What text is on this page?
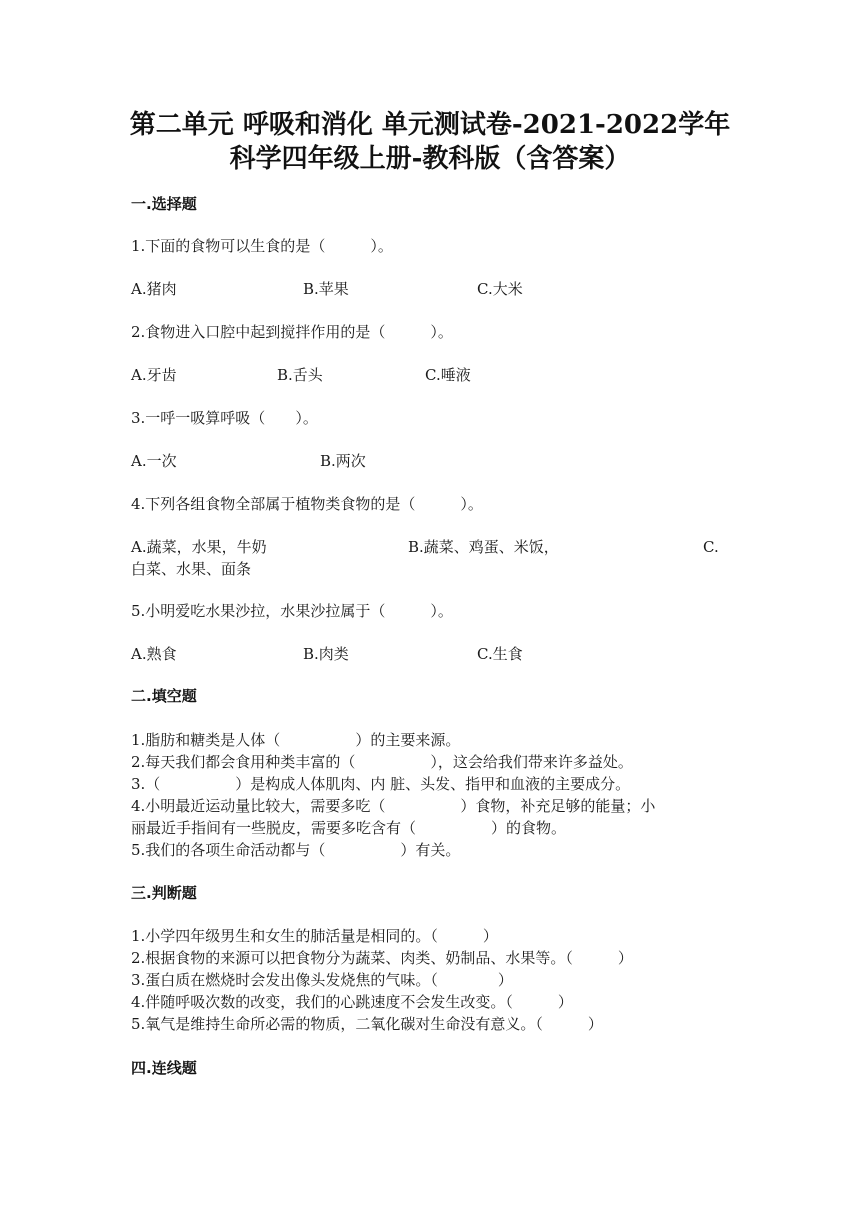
第二单元 呼吸和消化 单元测试卷-2021-2022学年
科学四年级上册-教科版（含答案）
一.选择题
1.下面的食物可以生食的是（　　　）。
A.猪肉	B.苹果	C.大米
2.食物进入口腔中起到搅拌作用的是（　　　）。
A.牙齿	B.舌头	C.唾液
3.一呼一吸算呼吸（　　）。
A.一次	B.两次
4.下列各组食物全部属于植物类食物的是（　　　）。
A.蔬菜，水果，牛奶	B.蔬菜、鸡蛋、米饭，	C.
白菜、水果、面条
5.小明爱吃水果沙拉，水果沙拉属于（　　　）。
A.熟食	B.肉类	C.生食
二.填空题
1.脂肪和糖类是人体（　　　　　）的主要来源。
2.每天我们都会食用种类丰富的（　　　　　），这会给我们带来许多益处。
3.（　　　　　）是构成人体肌肉、内 脏、头发、指甲和血液的主要成分。
4.小明最近运动量比较大，需要多吃（　　　　　）食物，补充足够的能量；小
丽最近手指间有一些脱皮，需要多吃含有（　　　　　）的食物。
5.我们的各项生命活动都与（　　　　　）有关。
三.判断题
1.小学四年级男生和女生的肺活量是相同的。（　　　）
2.根据食物的来源可以把食物分为蔬菜、肉类、奶制品、水果等。（　　　）
3.蛋白质在燃烧时会发出像头发烧焦的气味。（　　　　）
4.伴随呼吸次数的改变，我们的心跳速度不会发生改变。（　　　）
5.氧气是维持生命所必需的物质，二氧化碳对生命没有意义。（　　　）
四.连线题
